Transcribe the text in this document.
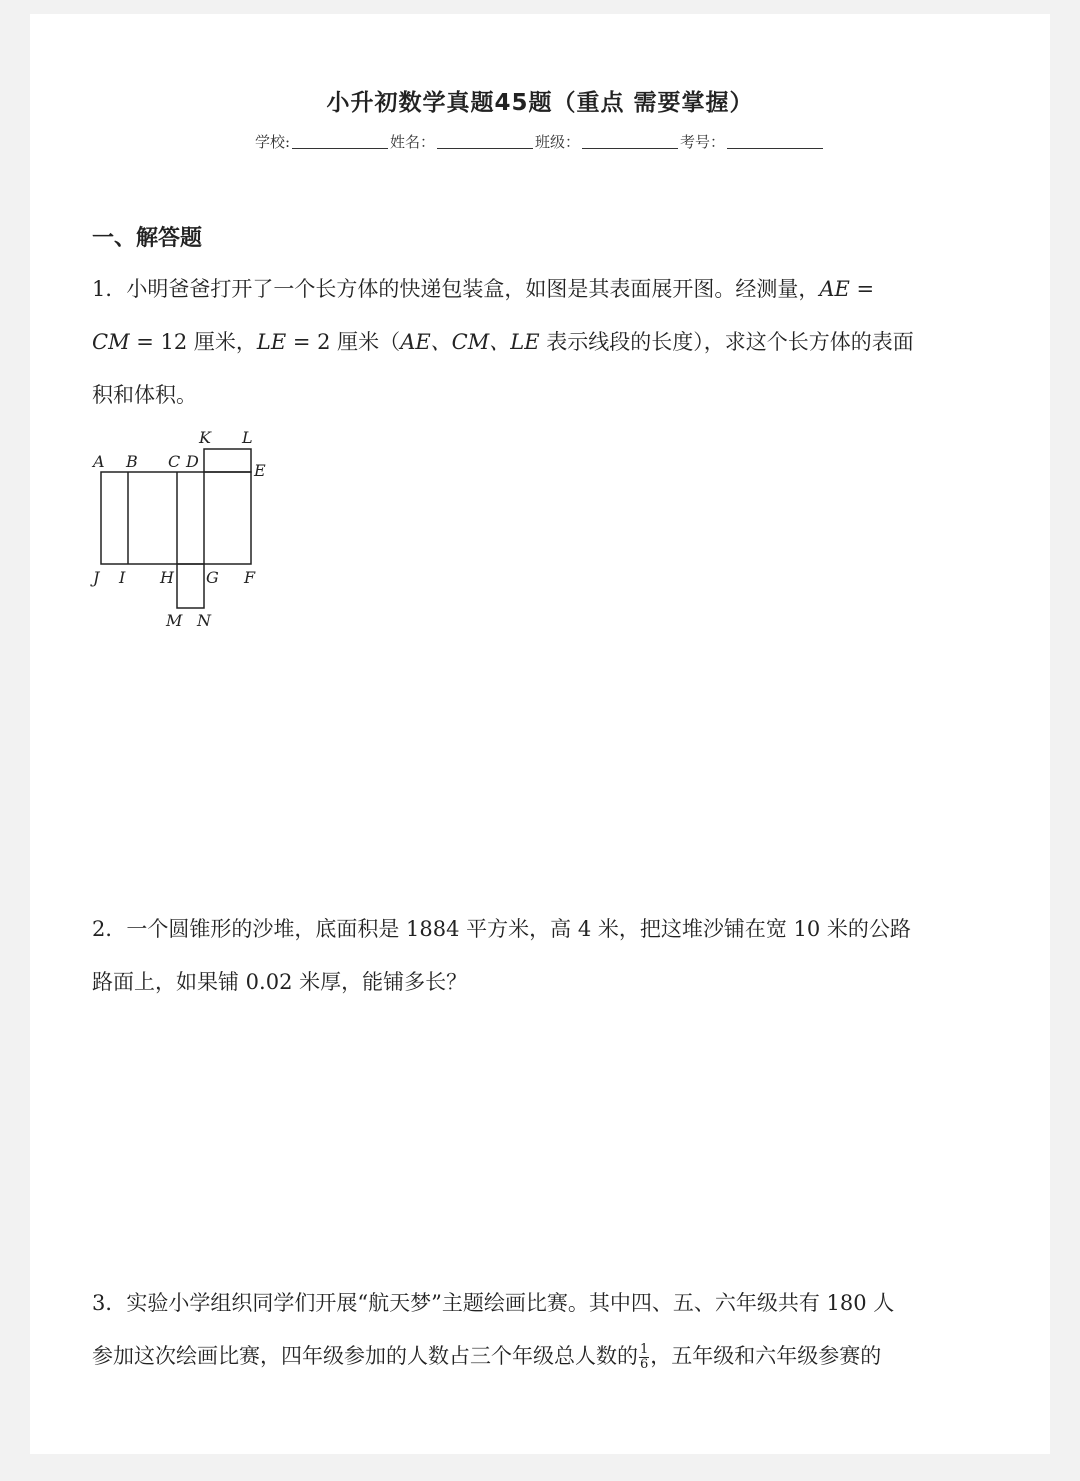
小升初数学真题45题（重点 需要掌握）
学校:	姓名：	班级：	考号：
一、解答题
1．小明爸爸打开了一个长方体的快递包装盒，如图是其表面展开图。经测量，AE =
CM = 12 厘米，LE = 2 厘米（AE、CM、LE 表示线段的长度），求这个长方体的表面
积和体积。
A B C D	E
F
G
H
I
J
K L
M N
2．一个圆锥形的沙堆，底面积是 1884 平方米，高 4 米，把这堆沙铺在宽 10 米的公路
路面上，如果铺 0.02 米厚，能铺多长？
3．实验小学组织同学们开展“航天梦”主题绘画比赛。其中四、五、六年级共有 180 人
参加这次绘画比赛，四年级参加的人数占三个年级总人数的 $\frac{1}{6}$ ，五年级和六年级参赛的
